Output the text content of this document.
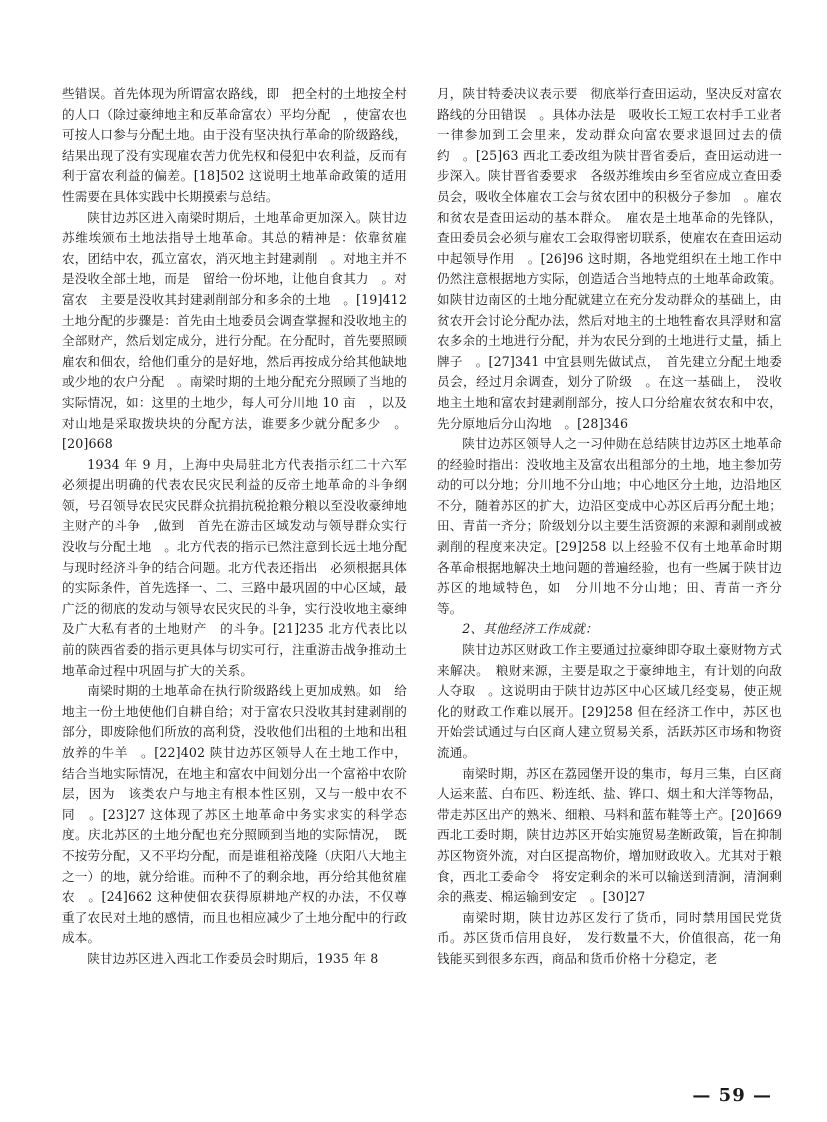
些错误。首先体现为所谓富农路线，即　把全村的土地按全村的人口（除过豪绅地主和反革命富农）平均分配　，使富农也可按人口参与分配土地。由于没有坚决执行革命的阶级路线，结果出现了没有实现雇农苦力优先权和侵犯中农利益，反而有利于富农利益的偏差。[18]502 这说明土地革命政策的适用性需要在具体实践中长期摸索与总结。

陕甘边苏区进入南梁时期后，土地革命更加深入。陕甘边苏维埃颁布土地法指导土地革命。其总的精神是：依靠贫雇农，团结中农，孤立富农，消灭地主封建剥削　。对地主并不是没收全部土地，而是　留给一份坏地，让他自食其力　。对富农　主要是没收其封建剥削部分和多余的土地　。[19]412 土地分配的步骤是：首先由土地委员会调查掌握和没收地主的全部财产，然后划定成分，进行分配。在分配时，首先要照顾雇农和佃农，给他们重分的是好地，然后再按成分给其他缺地或少地的农户分配　。南梁时期的土地分配充分照顾了当地的实际情况，如：这里的土地少，每人可分川地 10 亩　，以及　对山地是采取拨块块的分配方法，谁要多少就分配多少　。[20]668

1934 年 9 月，上海中央局驻北方代表指示红二十六军　必须提出明确的代表农民灾民利益的反帝土地革命的斗争纲领，号召领导农民灾民群众抗捐抗税抢粮分粮以至没收豪绅地主财产的斗争　,做到　首先在游击区域发动与领导群众实行没收与分配土地　。北方代表的指示已然注意到长远土地分配与现时经济斗争的结合问题。北方代表还指出　必须根据具体的实际条件，首先选择一、二、三路中最巩固的中心区域，最广泛的彻底的发动与领导农民灾民的斗争，实行没收地主豪绅及广大私有者的土地财产　的斗争。[21]235 北方代表比以前的陕西省委的指示更具体与切实可行，注重游击战争推动土地革命过程中巩固与扩大的关系。

南梁时期的土地革命在执行阶级路线上更加成熟。如　给地主一份土地使他们自耕自给；对于富农只没收其封建剥削的部分，即废除他们所放的高利贷，没收他们出租的土地和出租放养的牛羊　。[22]402 陕甘边苏区领导人在土地工作中，结合当地实际情况，在地主和富农中间划分出一个富裕中农阶层，因为　该类农户与地主有根本性区别，又与一般中农不同　。[23]27 这体现了苏区土地革命中务实求实的科学态度。庆北苏区的土地分配也充分照顾到当地的实际情况，　既不按劳分配，又不平均分配，而是谁租裕茂隆（庆阳八大地主之一）的地，就分给谁。而种不了的剩余地，再分给其他贫雇农　。[24]662 这种使佃农获得原耕地产权的办法，不仅尊重了农民对土地的感情，而且也相应减少了土地分配中的行政成本。

陕甘边苏区进入西北工作委员会时期后，1935 年 8

月，陕甘特委决议表示要　彻底举行查田运动，坚决反对富农路线的分田错误　。具体办法是　吸收长工短工农村手工业者一律参加到工会里来，发动群众向富农要求退回过去的债约　。[25]63 西北工委改组为陕甘晋省委后，查田运动进一步深入。陕甘晋省委要求　各级苏维埃由乡至省应成立查田委员会，吸收全体雇农工会与贫农团中的积极分子参加　。雇农和贫农是查田运动的基本群众。　雇农是土地革命的先锋队，查田委员会必须与雇农工会取得密切联系，使雇农在查田运动中起领导作用　。[26]96 这时期，各地党组织在土地工作中仍然注意根据地方实际，创造适合当地特点的土地革命政策。如陕甘边南区的土地分配就建立在充分发动群众的基础上，由　贫农开会讨论分配办法，然后对地主的土地牲畜农具浮财和富农多余的土地进行分配，并为农民分到的土地进行丈量，插上牌子　。[27]341 中宜县则先做试点，　首先建立分配土地委员会，经过月余调查，划分了阶级　。在这一基础上，　没收地主土地和富农封建剥削部分，按人口分给雇农贫农和中农，先分原地后分山沟地　。[28]346

陕甘边苏区领导人之一习仲勋在总结陕甘边苏区土地革命的经验时指出：没收地主及富农出租部分的土地，地主参加劳动的可以分地；分川地不分山地；中心地区分土地，边沿地区不分，随着苏区的扩大，边沿区变成中心苏区后再分配土地；田、青苗一齐分；阶级划分以主要生活资源的来源和剥削或被剥削的程度来决定。[29]258 以上经验不仅有土地革命时期各革命根据地解决土地问题的普遍经验，也有一些属于陕甘边苏区的地域特色，如　分川地不分山地；田、青苗一齐分　等。

2、其他经济工作成就：

陕甘边苏区财政工作主要通过拉豪绅即夺取土豪财物方式来解决。　粮财来源，主要是取之于豪绅地主，有计划的向敌人夺取　。这说明由于陕甘边苏区中心区域几经变易，使正规化的财政工作难以展开。[29]258 但在经济工作中，苏区也开始尝试通过与白区商人建立贸易关系，活跃苏区市场和物资流通。

南梁时期，苏区在荔园堡开设的集市，每月三集，白区商人运来蓝、白布匹、粉连纸、盐、铧口、烟土和大洋等物品，带走苏区出产的熟米、细粮、马料和蓝布鞋等土产。[20]669 西北工委时期，陕甘边苏区开始实施贸易垄断政策，旨在抑制苏区物资外流，对白区提高物价，增加财政收入。尤其对于粮食，西北工委命令　将安定剩余的米可以输送到清涧，清涧剩余的燕麦、棉运输到安定　。[30]27

南梁时期，陕甘边苏区发行了货币，同时禁用国民党货币。苏区货币信用良好，　发行数量不大，价值很高，花一角钱能买到很多东西，商品和货币价格十分稳定，老

— 59 —
